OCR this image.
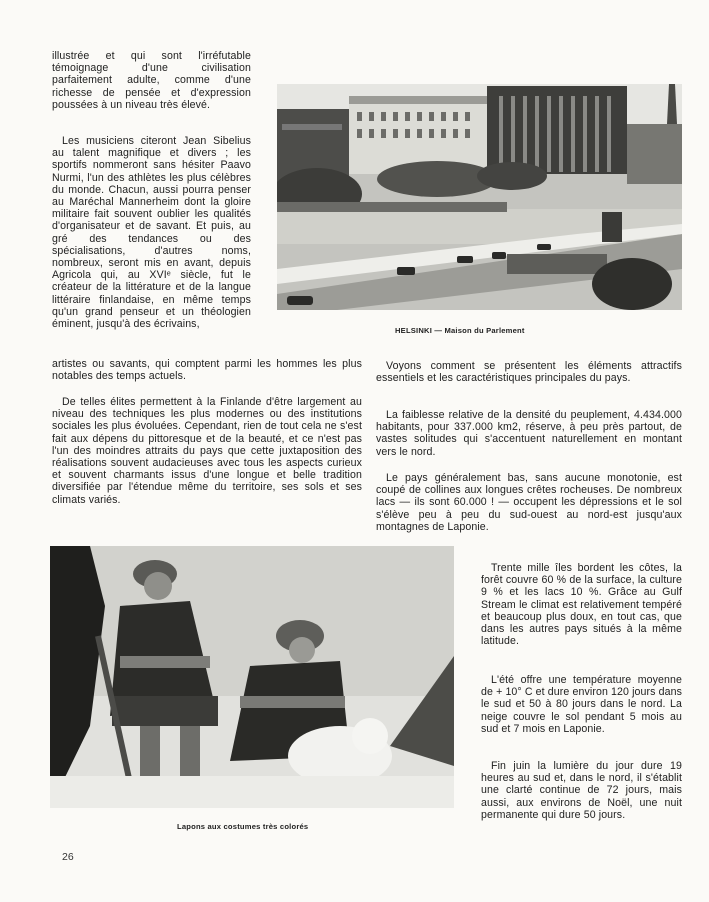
illustrée et qui sont l'irréfutable témoignage d'une civilisation parfaitement adulte, comme d'une richesse de pensée et d'expression poussées à un niveau très élevé.

Les musiciens citeront Jean Sibelius au talent magnifique et divers ; les sportifs nommeront sans hésiter Paavo Nurmi, l'un des athlètes les plus célèbres du monde. Chacun, aussi pourra penser au Maréchal Mannerheim dont la gloire militaire fait souvent oublier les qualités d'organisateur et de savant. Et puis, au gré des tendances ou des spécialisations, d'autres noms, nombreux, seront mis en avant, depuis Agricola qui, au XVIᵉ siècle, fut le créateur de la littérature et de la langue littéraire finlandaise, en même temps qu'un grand penseur et un théologien éminent, jusqu'à des écrivains,

artistes ou savants, qui comptent parmi les hommes les plus notables des temps actuels.

De telles élites permettent à la Finlande d'être largement au niveau des techniques les plus modernes ou des institutions sociales les plus évoluées. Cependant, rien de tout cela ne s'est fait aux dépens du pittoresque et de la beauté, et ce n'est pas l'un des moindres attraits du pays que cette juxtaposition des réalisations souvent audacieuses avec tous les aspects curieux et souvent charmants issus d'une longue et belle tradition diversifiée par l'étendue même du territoire, ses sols et ses climats variés.

HELSINKI — Maison du Parlement

Voyons comment se présentent les éléments attractifs essentiels et les caractéristiques principales du pays.

La faiblesse relative de la densité du peuplement, 4.434.000 habitants, pour 337.000 km2, réserve, à peu près partout, de vastes solitudes qui s'accentuent naturellement en montant vers le nord.

Le pays généralement bas, sans aucune monotonie, est coupé de collines aux longues crêtes rocheuses. De nombreux lacs — ils sont 60.000 ! — occupent les dépressions et le sol s'élève peu à peu du sud-ouest au nord-est jusqu'aux montagnes de Laponie.

Trente mille îles bordent les côtes, la forêt couvre 60 % de la surface, la culture 9 % et les lacs 10 %. Grâce au Gulf Stream le climat est relativement tempéré et beaucoup plus doux, en tout cas, que dans les autres pays situés à la même latitude.

L'été offre une température moyenne de + 10° C et dure environ 120 jours dans le sud et 50 à 80 jours dans le nord. La neige couvre le sol pendant 5 mois au sud et 7 mois en Laponie.

Fin juin la lumière du jour dure 19 heures au sud et, dans le nord, il s'établit une clarté continue de 72 jours, mais aussi, aux environs de Noël, une nuit permanente qui dure 50 jours.

Lapons aux costumes très colorés
26
